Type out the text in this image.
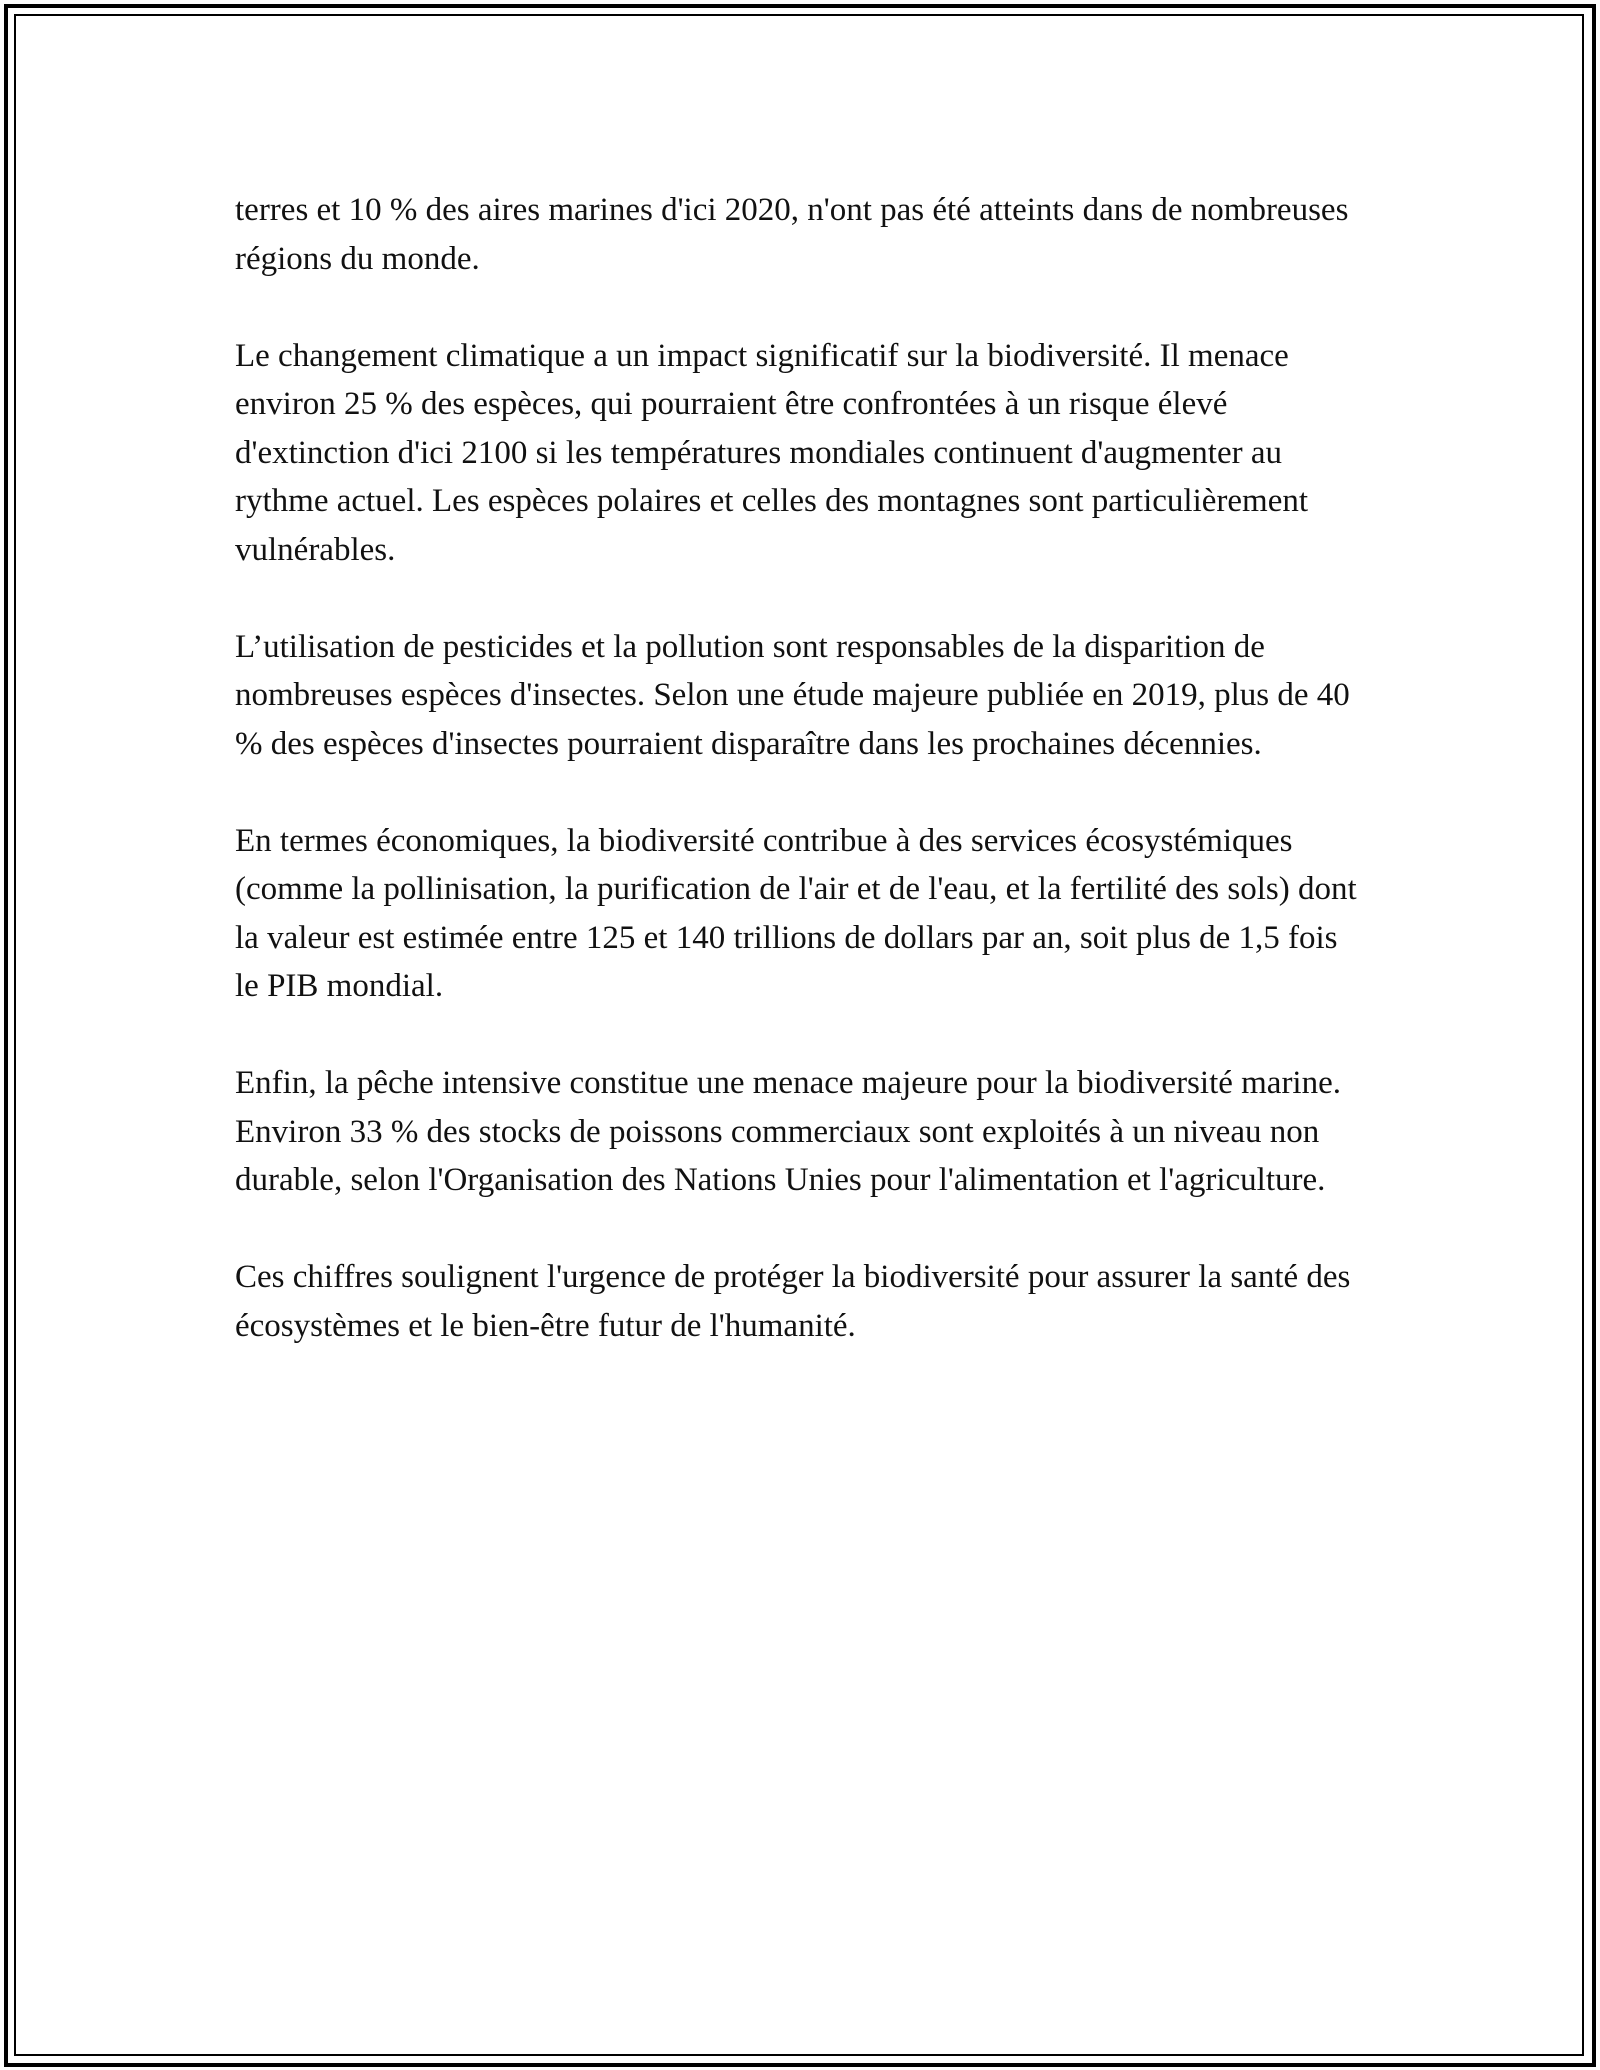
terres et 10 % des aires marines d'ici 2020, n'ont pas été atteints dans de nombreuses régions du monde.

Le changement climatique a un impact significatif sur la biodiversité. Il menace environ 25 % des espèces, qui pourraient être confrontées à un risque élevé d'extinction d'ici 2100 si les températures mondiales continuent d'augmenter au rythme actuel. Les espèces polaires et celles des montagnes sont particulièrement vulnérables.

L’utilisation de pesticides et la pollution sont responsables de la disparition de nombreuses espèces d'insectes. Selon une étude majeure publiée en 2019, plus de 40 % des espèces d'insectes pourraient disparaître dans les prochaines décennies.

En termes économiques, la biodiversité contribue à des services écosystémiques (comme la pollinisation, la purification de l'air et de l'eau, et la fertilité des sols) dont la valeur est estimée entre 125 et 140 trillions de dollars par an, soit plus de 1,5 fois le PIB mondial.

Enfin, la pêche intensive constitue une menace majeure pour la biodiversité marine. Environ 33 % des stocks de poissons commerciaux sont exploités à un niveau non durable, selon l'Organisation des Nations Unies pour l'alimentation et l'agriculture.

Ces chiffres soulignent l'urgence de protéger la biodiversité pour assurer la santé des écosystèmes et le bien-être futur de l'humanité.
